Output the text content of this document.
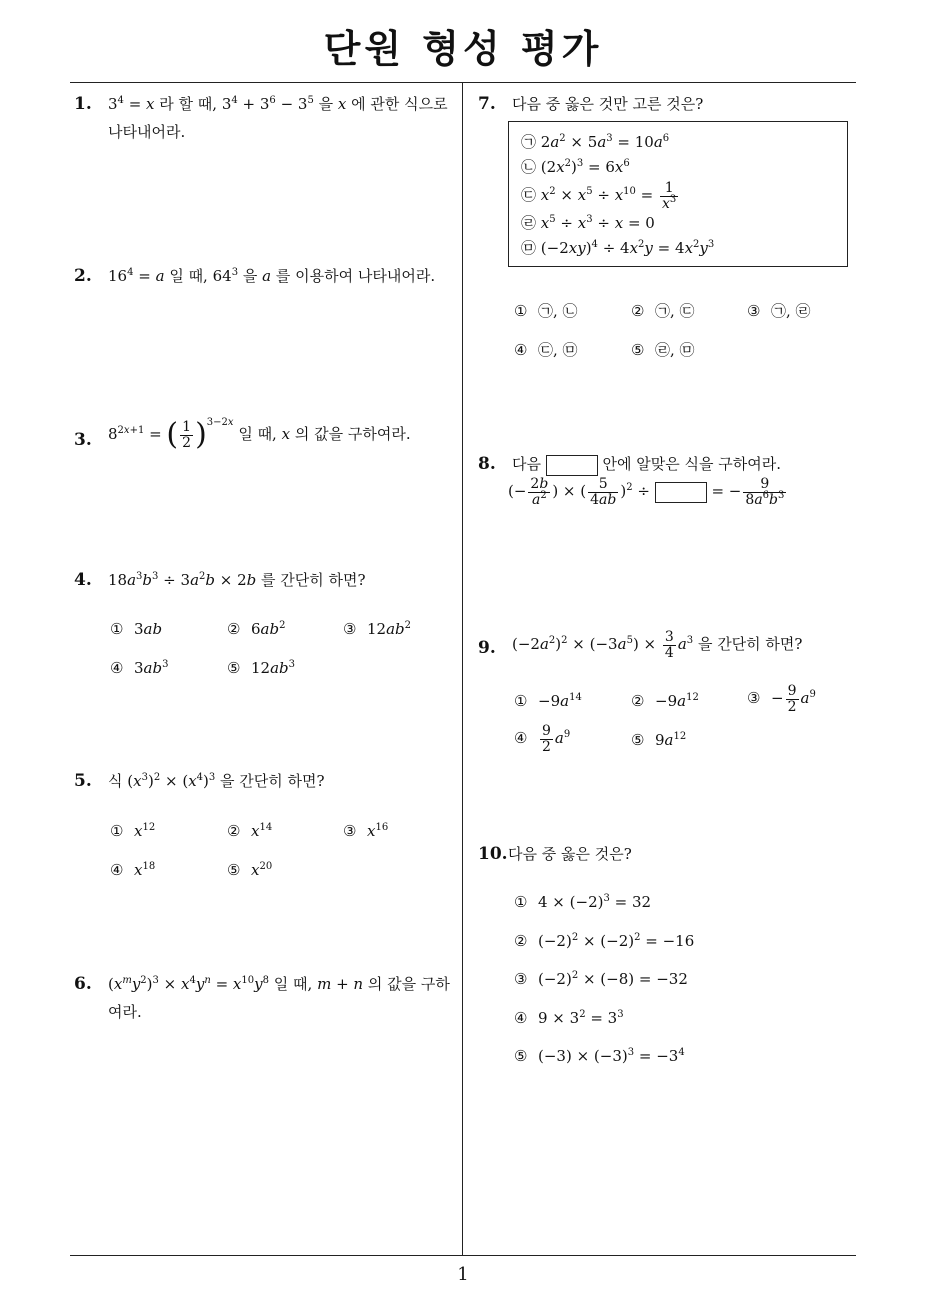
단원 형성 평가
1
1. $3^4 = x$ 라 할 때, $3^4 + 3^6 - 3^5$ 을 x 에 관한 식으로 나타내어라.
2. $16^4 = a$ 일 때, $64^3$ 을 a 를 이용하여 나타내어라.
3. $8^{2x+1}$ = ( $\frac{1}{2} )^{3-2x}$ 일 때, x 의 값을 구하여라.
4. $18a^3b^3 \div 3a^2b \times 2b$ 를 간단히 하면?
① 3ab	② $6ab^2$	③ $12ab^2$
④ $3ab^3$	⑤ $12ab^3$
5. 식 $(x^3)^2 \times (x^4)^3$ 을 간단히 하면?
① $x^{12}$	② $x^{14}$	③ $x^{16}$
④ $x^{18}$	⑤ $x^{20}$
6. $(x^my^2)^3 \times x^4y^n = x^{10}y^8$ 일 때, m + n 의 값을 구하여라.
7. 다음 중 옳은 것만 고른 것은?
㉠ $2a^2 \times 5a^3 = 10a^6$
㉡ $(2x^2)^3 = 6x^6$
㉢ $x^2 \times x^5 \div x^{10} = \frac{1}{x^3}$
㉣ $x^5 \div x^3 \div x = 0$
㉤ $(-2xy)^4 \div 4x^2y = 4x^2y^3$
① ㉠, ㉡	② ㉠, ㉢	③ ㉠, ㉣
④ ㉢, ㉤	⑤ ㉣, ㉤
8. 다음	안에 알맞은 식을 구하여라.
(− $\frac{2b}{a^2}$ ) × ( $\frac{5}{4ab} )^2$ ÷	= − $\frac{9}{8a^6b^3}$
9. $(-2a^2)^2 \times (-3a^5) \times \frac{3}{4} a^3$ 을 간단히 하면?
① $-9a^{14}$	② $-9a^{12}$	③ − $\frac{9}{2} a^9$
④ $\frac{9}{2} a^9$	⑤ $9a^{12}$
10. 다음 중 옳은 것은?
① $4 \times (-2)^3 = 32$
② $(-2)^2 \times (-2)^2 = -16$
③ $(-2)^2 \times (-8) = -32$
④ $9 \times 3^2 = 3^3$
⑤ $(-3) \times (-3)^3 = -3^4$
